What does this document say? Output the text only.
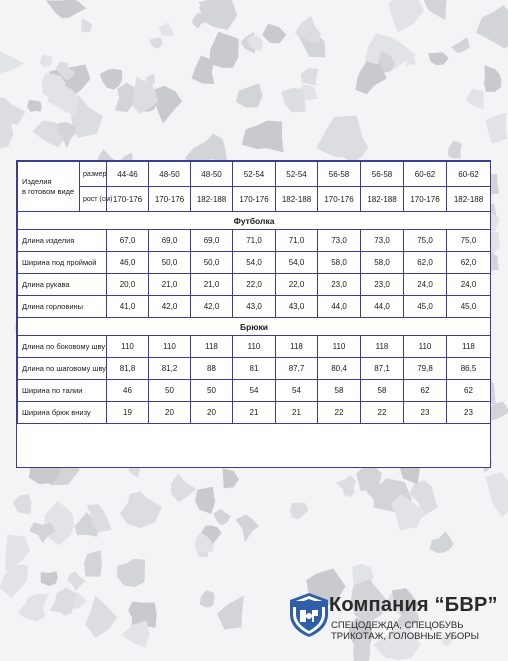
Изделия
в готовом виде	размер	44-46	48-50	48-50	52-54	52-54	56-58	56-58	60-62	60-62
	рост (см)	170-176	170-176	182-188	170-176	182-188	170-176	182-188	170-176	182-188
Футболка										
Длина изделия		67,0	69,0	69,0	71,0	71,0	73,0	73,0	75,0	75,0
Ширина под проймой		46,0	50,0	50,0	54,0	54,0	58,0	58,0	62,0	62,0
Длина рукава		20,0	21,0	21,0	22,0	22,0	23,0	23,0	24,0	24,0
Длина горловины		41,0	42,0	42,0	43,0	43,0	44,0	44,0	45,0	45,0
Брюки										
Длина по боковому шву		110	110	118	110	118	110	118	110	118
Длина по шаговому шву		81,8	81,2	88	81	87,7	80,4	87,1	79,8	86,5
Ширина по талии		46	50	50	54	54	58	58	62	62
Ширина брюк внизу		19	20	20	21	21	22	22	23	23
Компания “БВР”
СПЕЦОДЕЖДА, СПЕЦОБУВЬ
ТРИКОТАЖ, ГОЛОВНЫЕ УБОРЫ
